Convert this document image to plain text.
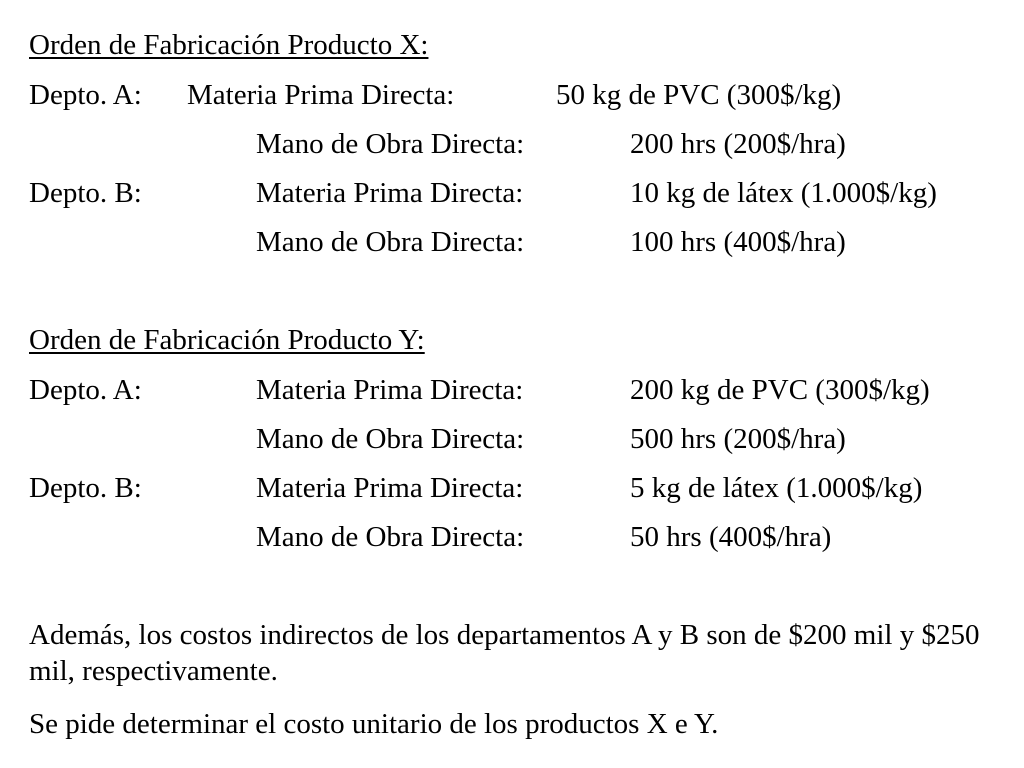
Orden de Fabricación Producto X:
Depto. A: Materia Prima Directa:	50 kg de PVC (300$/kg)
Mano de Obra Directa:	200 hrs (200$/hra)
Depto. B:	Materia Prima Directa:	10 kg de látex (1.000$/kg)
Mano de Obra Directa:	100 hrs (400$/hra)
Orden de Fabricación Producto Y:
Depto. A:	Materia Prima Directa:	200 kg de PVC (300$/kg)
Mano de Obra Directa:	500 hrs (200$/hra)
Depto. B:	Materia Prima Directa:	5 kg de látex (1.000$/kg)
Mano de Obra Directa:	50 hrs (400$/hra)
Además, los costos indirectos de los departamentos A y B son de $200 mil y $250 mil, respectivamente.
Se pide determinar el costo unitario de los productos X e Y.
